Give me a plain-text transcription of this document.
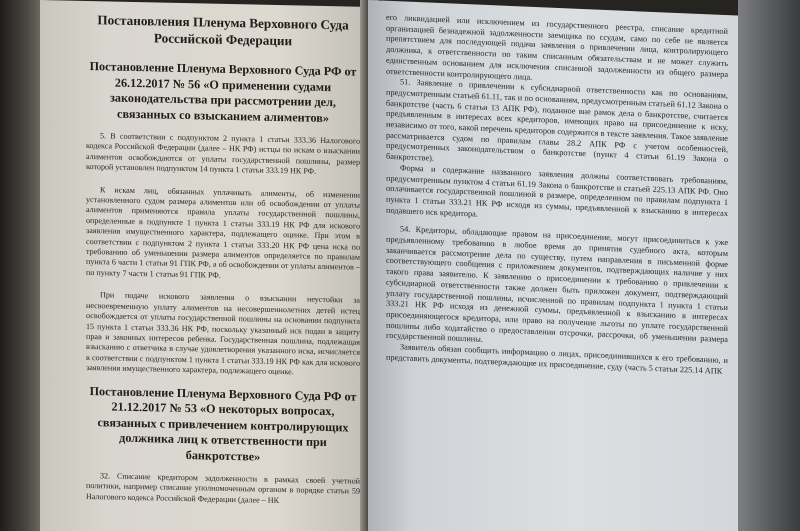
Постановления Пленума Верховного Суда Российской Федерации
Постановление Пленума Верховного Суда РФ от 26.12.2017 № 56 «О применении судами законодательства при рассмотрении дел, связанных со взысканием алиментов»

5. В соответствии с подпунктом 2 пункта 1 статьи 333.36 Налогового кодекса Российской Федерации (далее – НК РФ) истцы по искам о взыскании алиментов освобождаются от уплаты государственной пошлины, размер которой установлен подпунктом 14 пункта 1 статьи 333.19 НК РФ.

К искам лиц, обязанных уплачивать алименты, об изменении установленного судом размера алиментов или об освобождении от уплаты алиментов применяются правила уплаты государственной пошлины, определенные в подпункте 1 пункта 1 статьи 333.19 НК РФ для искового заявления имущественного характера, подлежащего оценке. При этом в соответствии с подпунктом 2 пункта 1 статьи 333.20 НК РФ цена иска по требованию об уменьшении размера алиментов определяется по правилам пункта 6 части 1 статьи 91 ГПК РФ, а об освобождении от уплаты алиментов – по пункту 7 части 1 статьи 91 ГПК РФ.

При подаче искового заявления о взыскании неустойки за несвоевременную уплату алиментов на несовершеннолетних детей истец освобождается от уплаты государственной пошлины на основании подпункта 15 пункта 1 статьи 333.36 НК РФ, поскольку указанный иск подан в защиту прав и законных интересов ребенка. Государственная пошлина, подлежащая взысканию с ответчика в случае удовлетворения указанного иска, исчисляется в соответствии с подпунктом 1 пункта 1 статьи 333.19 НК РФ как для искового заявления имущественного характера, подлежащего оценке.

Постановление Пленума Верховного Суда РФ от 21.12.2017 № 53 «О некоторых вопросах, связанных с привлечением контролирующих должника лиц к ответственности при банкротстве»

32. Списание кредитором задолженности в рамках своей учетной политики, например списание уполномоченным органом в порядке статьи 59 Налогового кодекса Российской Федерации (далее – НК

его ликвидацией или исключением из государственного реестра, списание кредитной организацией безнадежной задолженности заемщика по ссудам, само по себе не является препятствием для последующей подачи заявления о привлечении лица, контролирующего должника, к ответственности по таким списанным обязательствам и не может служить единственным основанием для исключения списанной задолженности из общего размера ответственности контролирующего лица.

51. Заявление о привлечении к субсидиарной ответственности как по основаниям, предусмотренным статьей 61.11, так и по основаниям, предусмотренным статьей 61.12 Закона о банкротстве (часть 6 статьи 13 АПК РФ), поданное вне рамок дела о банкротстве, считается предъявленным в интересах всех кредиторов, имеющих право на присоединение к иску, независимо от того, какой перечень кредиторов содержится в тексте заявления. Такое заявление рассматривается судом по правилам главы 28.2 АПК РФ с учетом особенностей, предусмотренных законодательством о банкротстве (пункт 4 статьи 61.19 Закона о банкротстве).

Форма и содержание названного заявления должны соответствовать требованиям, предусмотренным пунктом 4 статьи 61.19 Закона о банкротстве и статьей 225.13 АПК РФ. Оно оплачивается государственной пошлиной в размере, определенном по правилам подпункта 1 пункта 1 статьи 333.21 НК РФ исходя из суммы, предъявленной к взысканию в интересах подавшего иск кредитора.

54. Кредиторы, обладающие правом на присоединение, могут присоединиться к уже предъявленному требованию в любое время до принятия судебного акта, которым заканчивается рассмотрение дела по существу, путем направления в письменной форме соответствующего сообщения с приложением документов, подтверждающих наличие у них такого права заявителю. К заявлению о присоединении к требованию о привлечении к субсидиарной ответственности также должен быть приложен документ, подтверждающий уплату государственной пошлины, исчисленной по правилам подпункта 1 пункта 1 статьи 333.21 НК РФ исходя из денежной суммы, предъявленной к взысканию в интересах присоединяющегося кредитора, или право на получение льготы по уплате государственной пошлины либо ходатайство о предоставлении отсрочки, рассрочки, об уменьшении размера государственной пошлины.

Заявитель обязан сообщить информацию о лицах, присоединившихся к его требованию, и представить документы, подтверждающие их присоединение, суду (часть 5 статьи 225.14 АПК
